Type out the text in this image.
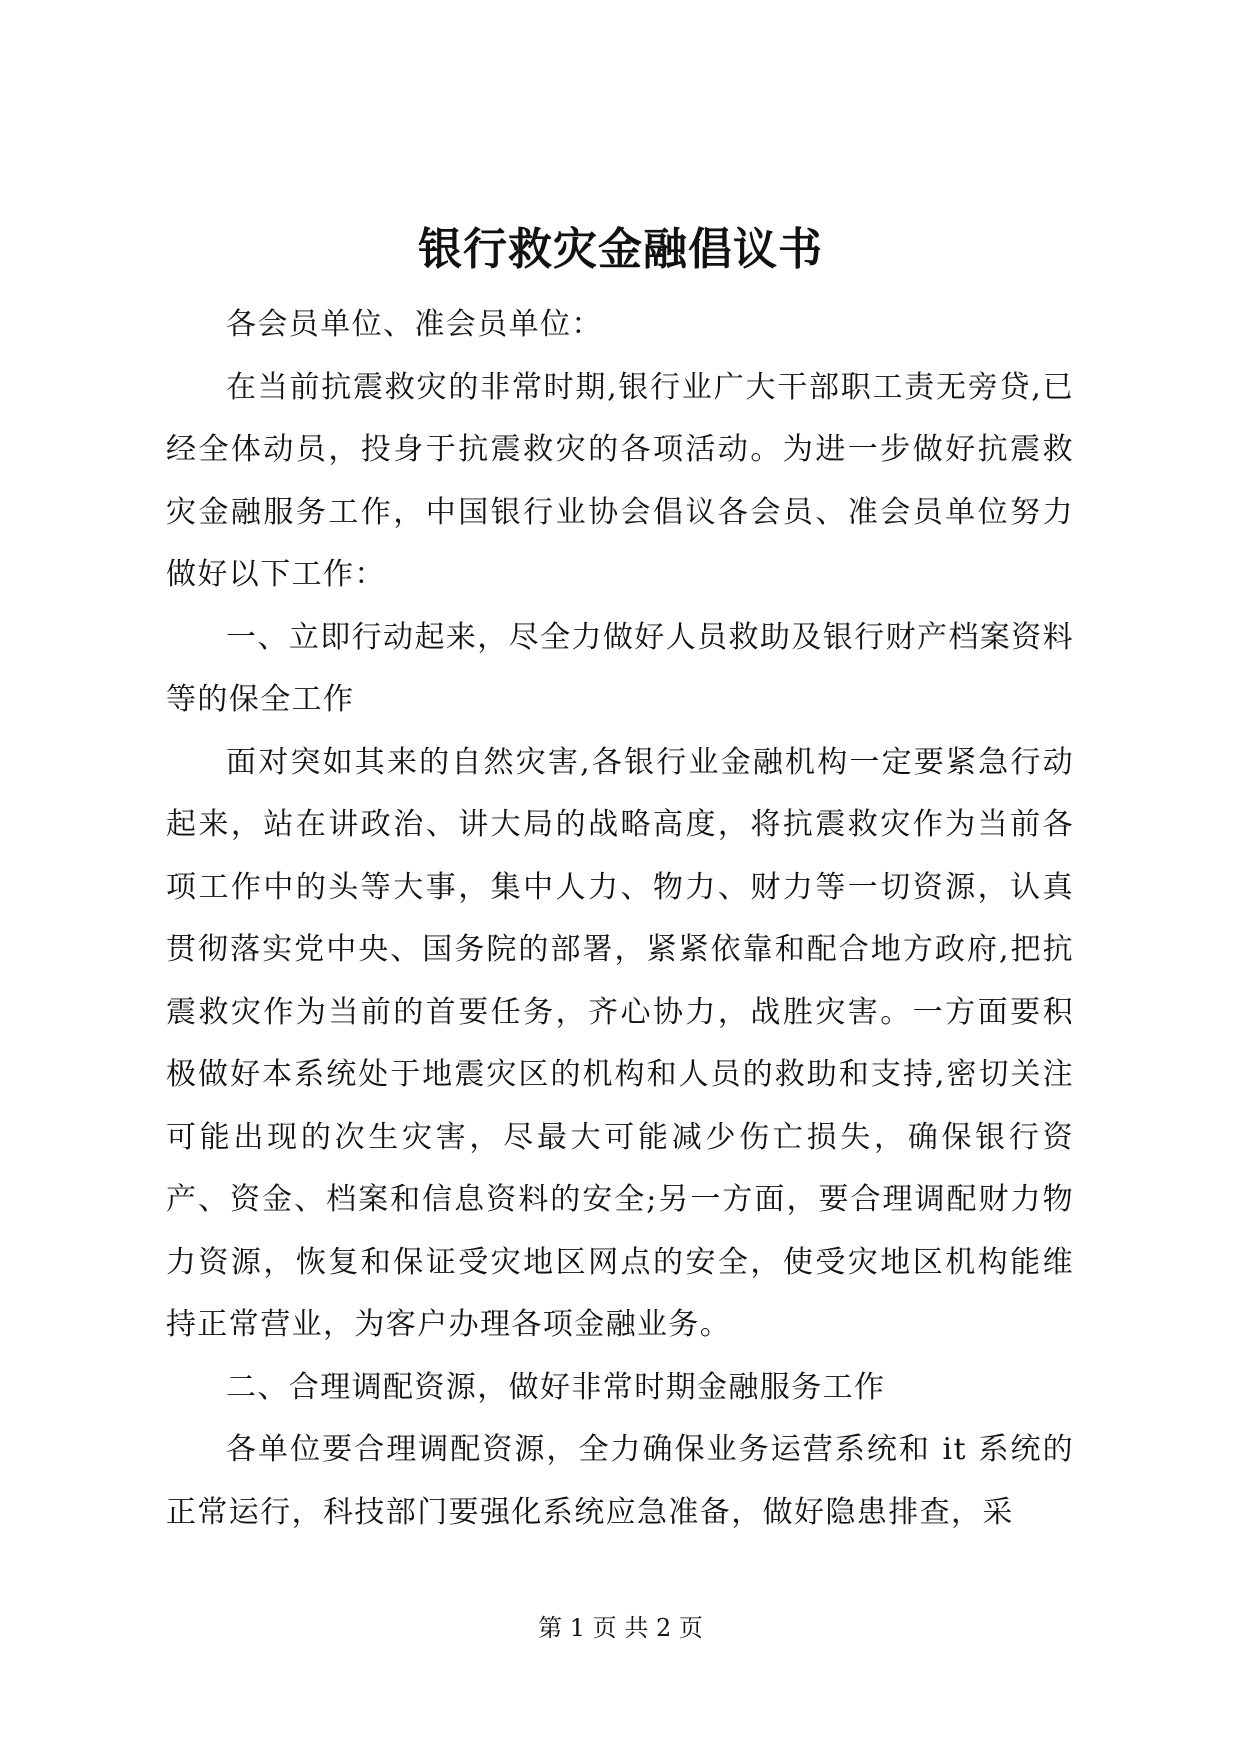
银行救灾金融倡议书

各会员单位、准会员单位：

在当前抗震救灾的非常时期,银行业广大干部职工责无旁贷,已经全体动员，投身于抗震救灾的各项活动。为进一步做好抗震救灾金融服务工作，中国银行业协会倡议各会员、准会员单位努力做好以下工作：

一、立即行动起来，尽全力做好人员救助及银行财产档案资料等的保全工作

面对突如其来的自然灾害,各银行业金融机构一定要紧急行动起来，站在讲政治、讲大局的战略高度，将抗震救灾作为当前各项工作中的头等大事，集中人力、物力、财力等一切资源，认真贯彻落实党中央、国务院的部署，紧紧依靠和配合地方政府,把抗震救灾作为当前的首要任务，齐心协力，战胜灾害。一方面要积极做好本系统处于地震灾区的机构和人员的救助和支持,密切关注可能出现的次生灾害，尽最大可能减少伤亡损失，确保银行资产、资金、档案和信息资料的安全;另一方面，要合理调配财力物力资源，恢复和保证受灾地区网点的安全，使受灾地区机构能维持正常营业，为客户办理各项金融业务。

二、合理调配资源，做好非常时期金融服务工作

各单位要合理调配资源，全力确保业务运营系统和 it 系统的正常运行，科技部门要强化系统应急准备，做好隐患排查，采

第 1 页 共 2 页
